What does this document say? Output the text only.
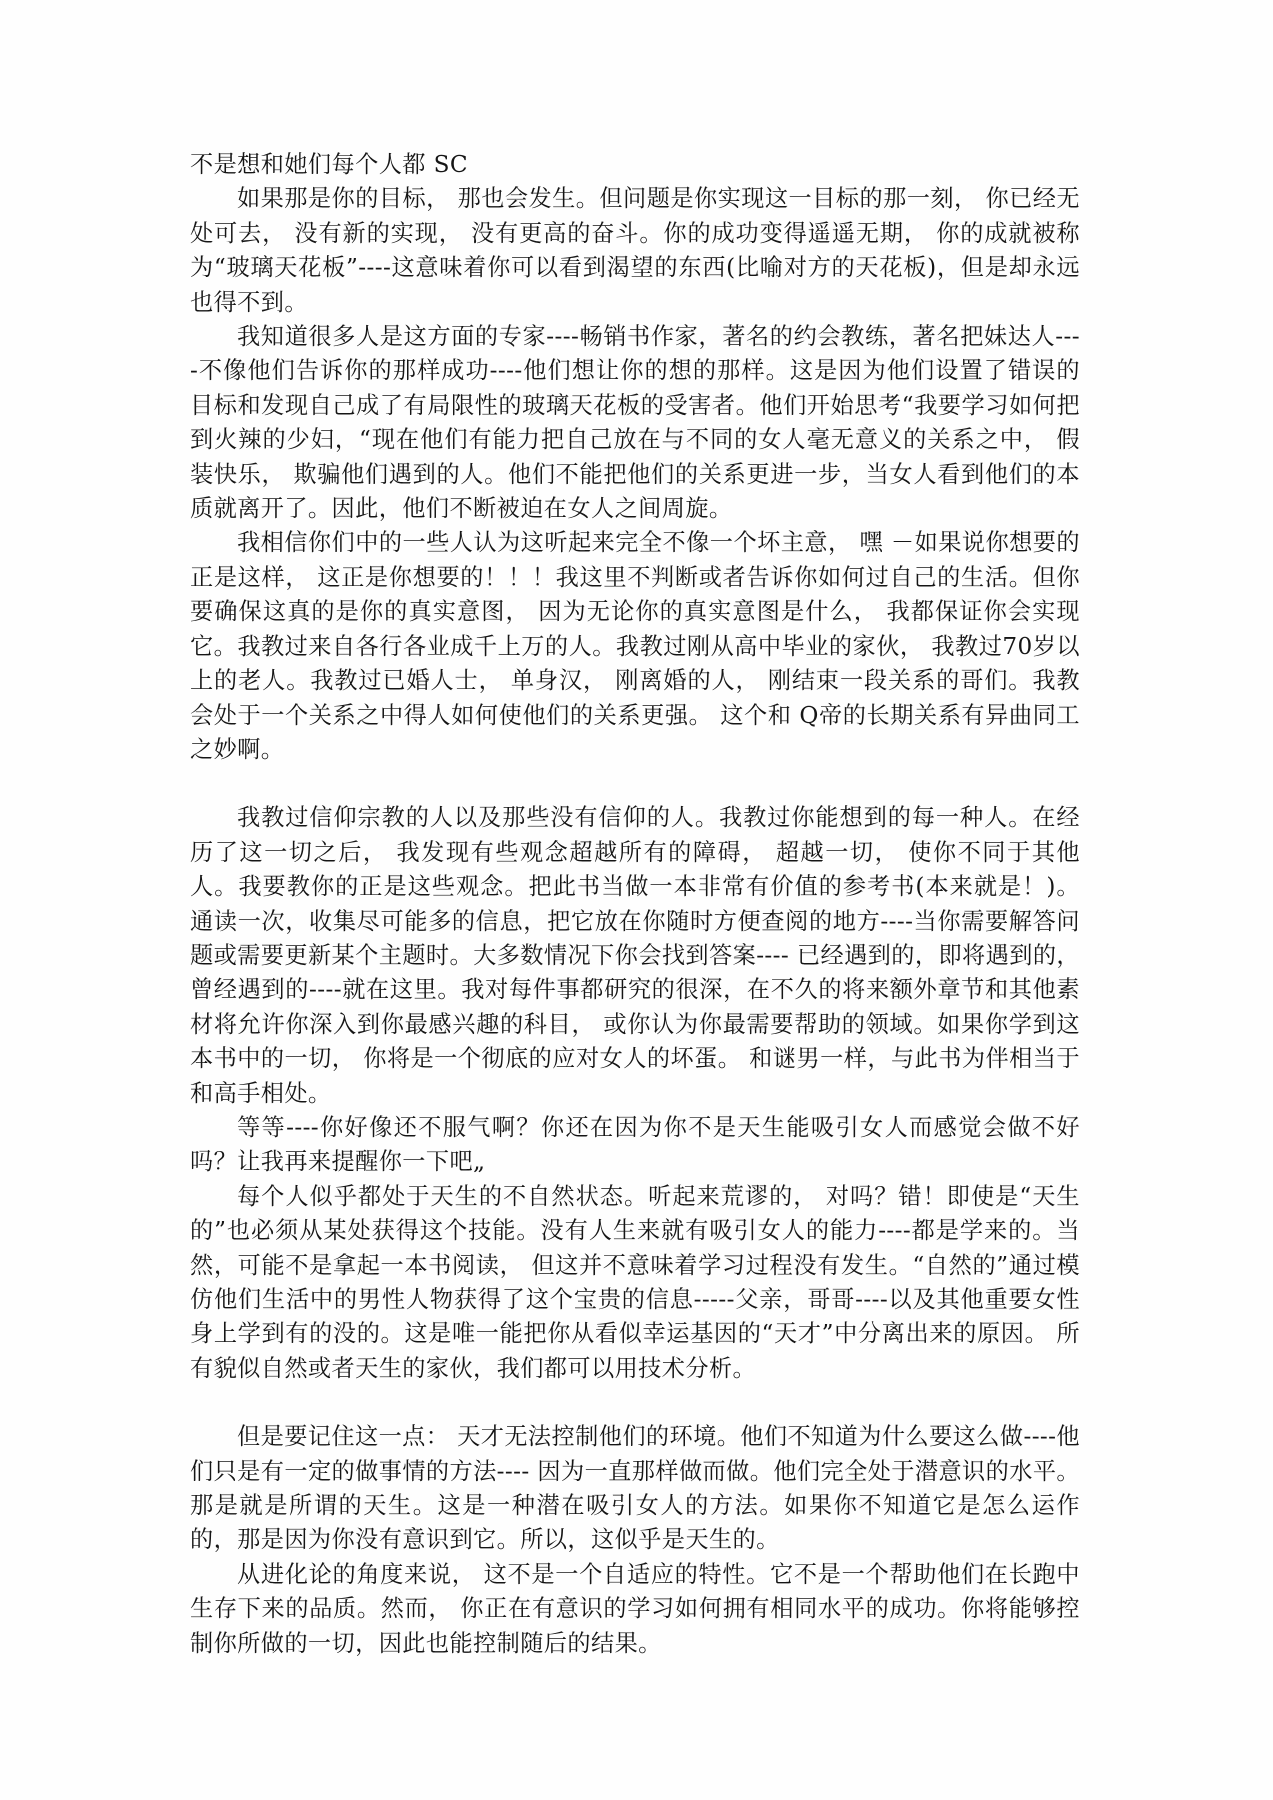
不是想和她们每个人都 SC

如果那是你的目标， 那也会发生。但问题是你实现这一目标的那一刻， 你已经无处可去， 没有新的实现， 没有更高的奋斗。你的成功变得遥遥无期， 你的成就被称为“玻璃天花板”----这意味着你可以看到渴望的东西(比喻对方的天花板)，但是却永远也得不到。

我知道很多人是这方面的专家----畅销书作家，著名的约会教练，著名把妹达人----不像他们告诉你的那样成功----他们想让你的想的那样。这是因为他们设置了错误的目标和发现自己成了有局限性的玻璃天花板的受害者。他们开始思考“我要学习如何把到火辣的少妇，“现在他们有能力把自己放在与不同的女人毫无意义的关系之中， 假装快乐， 欺骗他们遇到的人。他们不能把他们的关系更进一步，当女人看到他们的本质就离开了。因此，他们不断被迫在女人之间周旋。

我相信你们中的一些人认为这听起来完全不像一个坏主意， 嘿 －如果说你想要的正是这样， 这正是你想要的！！！我这里不判断或者告诉你如何过自己的生活。但你要确保这真的是你的真实意图， 因为无论你的真实意图是什么， 我都保证你会实现它。我教过来自各行各业成千上万的人。我教过刚从高中毕业的家伙， 我教过70岁以上的老人。我教过已婚人士， 单身汉， 刚离婚的人， 刚结束一段关系的哥们。我教会处于一个关系之中得人如何使他们的关系更强。 这个和 Q帝的长期关系有异曲同工之妙啊。

我教过信仰宗教的人以及那些没有信仰的人。我教过你能想到的每一种人。在经历了这一切之后， 我发现有些观念超越所有的障碍， 超越一切， 使你不同于其他人。我要教你的正是这些观念。把此书当做一本非常有价值的参考书(本来就是！)。通读一次，收集尽可能多的信息，把它放在你随时方便查阅的地方----当你需要解答问题或需要更新某个主题时。大多数情况下你会找到答案---- 已经遇到的，即将遇到的，曾经遇到的----就在这里。我对每件事都研究的很深，在不久的将来额外章节和其他素材将允许你深入到你最感兴趣的科目， 或你认为你最需要帮助的领域。如果你学到这本书中的一切， 你将是一个彻底的应对女人的坏蛋。 和谜男一样，与此书为伴相当于和高手相处。

等等----你好像还不服气啊？你还在因为你不是天生能吸引女人而感觉会做不好吗？让我再来提醒你一下吧„

每个人似乎都处于天生的不自然状态。听起来荒谬的， 对吗？错！即使是“天生的”也必须从某处获得这个技能。没有人生来就有吸引女人的能力----都是学来的。当然，可能不是拿起一本书阅读， 但这并不意味着学习过程没有发生。“自然的”通过模仿他们生活中的男性人物获得了这个宝贵的信息-----父亲，哥哥----以及其他重要女性身上学到有的没的。这是唯一能把你从看似幸运基因的“天才”中分离出来的原因。 所有貌似自然或者天生的家伙，我们都可以用技术分析。

但是要记住这一点： 天才无法控制他们的环境。他们不知道为什么要这么做----他们只是有一定的做事情的方法---- 因为一直那样做而做。他们完全处于潜意识的水平。那是就是所谓的天生。这是一种潜在吸引女人的方法。如果你不知道它是怎么运作的，那是因为你没有意识到它。所以，这似乎是天生的。

从进化论的角度来说， 这不是一个自适应的特性。它不是一个帮助他们在长跑中生存下来的品质。然而， 你正在有意识的学习如何拥有相同水平的成功。你将能够控制你所做的一切，因此也能控制随后的结果。
